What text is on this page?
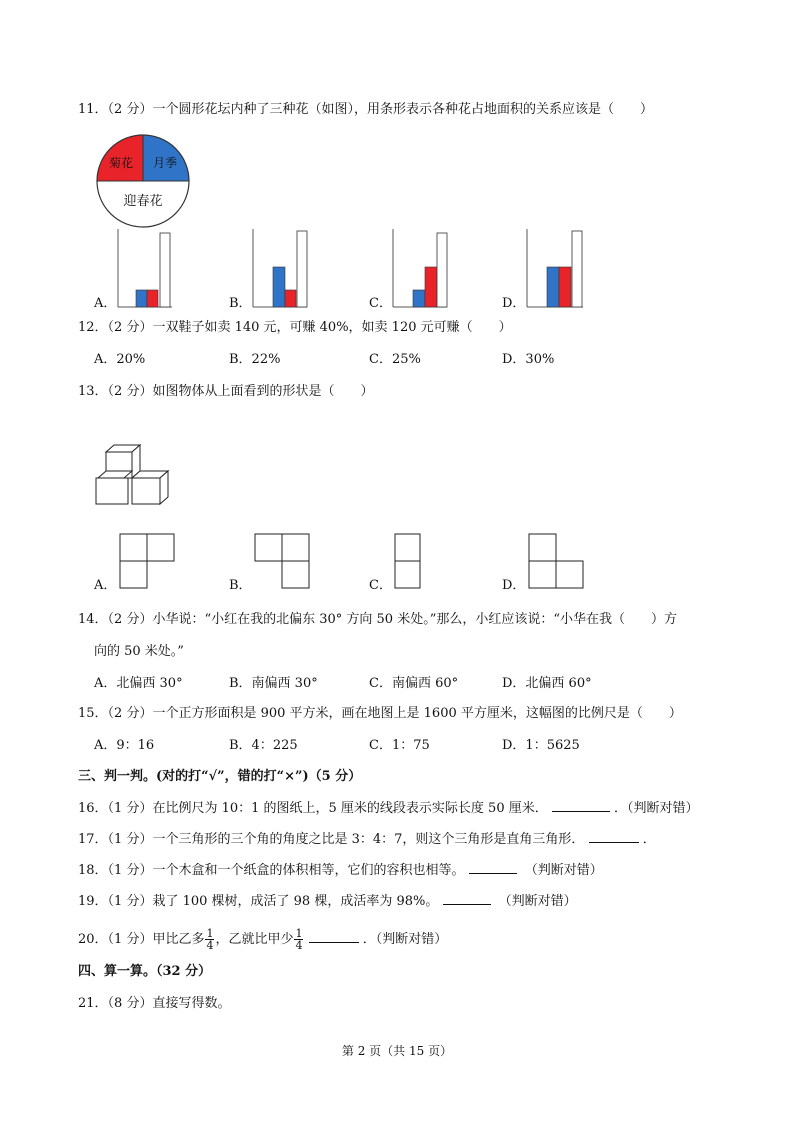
11．（2 分）一个圆形花坛内种了三种花（如图），用条形表示各种花占地面积的关系应该是（　　）
菊花 月季
迎春花
A．	B．	C．	D．
12．（2 分）一双鞋子如卖 140 元，可赚 40%，如卖 120 元可赚（　　）
A．20%	B．22%	C．25%	D．30%
13．（2 分）如图物体从上面看到的形状是（　　）
A．	B．	C．	D．
14．（2 分）小华说：“小红在我的北偏东 30° 方向 50 米处。”那么，小红应该说：“小华在我（　　）方
向的 50 米处。”
A．北偏西 30°	B．南偏西 30°	C．南偏西 60°	D．北偏西 60°
15．（2 分）一个正方形面积是 900 平方米，画在地图上是 1600 平方厘米，这幅图的比例尺是（　　）
A．9：16	B．4：225	C．1：75	D．1：5625
三、判一判。(对的打“√”，错的打“×”)（5 分）
16．（1 分）在比例尺为 10：1 的图纸上，5 厘米的线段表示实际长度 50 厘米．	．（判断对错）
17．（1 分）一个三角形的三个角的角度之比是 3：4：7，则这个三角形是直角三角形．	．
18．（1 分）一个木盒和一个纸盒的体积相等，它们的容积也相等。	（判断对错）
19．（1 分）栽了 100 棵树，成活了 98 棵，成活率为 98%。	（判断对错）
20．（1 分）甲比乙多 $\frac{1}{4}$ ，乙就比甲少 $\frac{1}{4}$	．（判断对错）
四、算一算。（32 分）
21．（8 分）直接写得数。
第 2 页（共 15 页）
